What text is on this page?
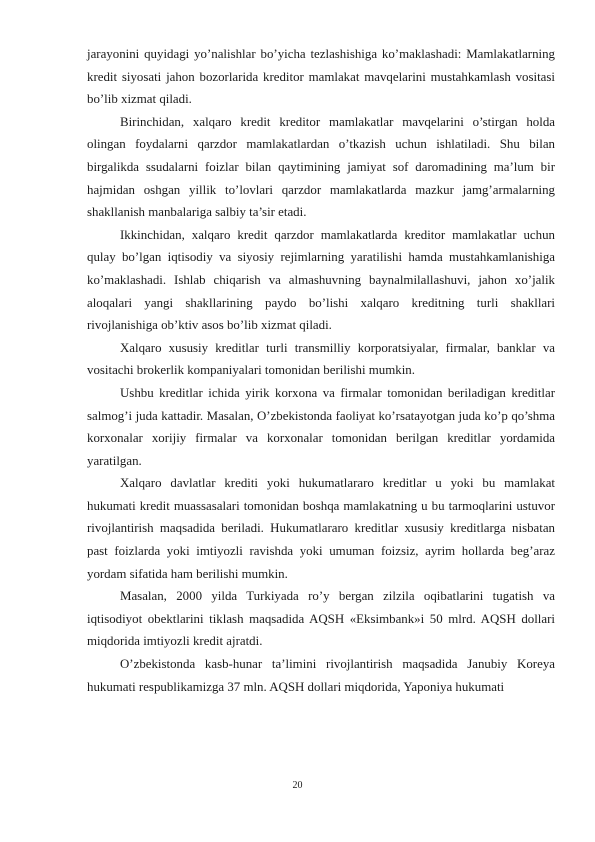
jarayonini quyidagi yo’nalishlar bo’yicha tezlashishiga ko’maklashadi: Mamlakatlarning kredit siyosati jahon bozorlarida kreditor mamlakat mavqelarini mustahkamlash vositasi bo’lib xizmat qiladi.

Birinchidan, xalqaro kredit kreditor mamlakatlar mavqelarini o’stirgan holda olingan foydalarni qarzdor mamlakatlardan o’tkazish uchun ishlatiladi. Shu bilan birgalikda ssudalarni foizlar bilan qaytimining jamiyat sof daromadining ma’lum bir hajmidan oshgan yillik to’lovlari qarzdor mamlakatlarda mazkur jamg’armalarning shakllanish manbalariga salbiy ta’sir etadi.

Ikkinchidan, xalqaro kredit qarzdor mamlakatlarda kreditor mamlakatlar uchun qulay bo’lgan iqtisodiy va siyosiy rejimlarning yaratilishi hamda mustahkamlanishiga ko’maklashadi. Ishlab chiqarish va almashuvning baynalmilallashuvi, jahon xo’jalik aloqalari yangi shakllarining paydo bo’lishi xalqaro kreditning turli shakllari rivojlanishiga ob’ktiv asos bo’lib xizmat qiladi.

Xalqaro xususiy kreditlar turli transmilliy korporatsiyalar, firmalar, banklar va vositachi brokerlik kompaniyalari tomonidan berilishi mumkin.

Ushbu kreditlar ichida yirik korxona va firmalar tomonidan beriladigan kreditlar salmog’i juda kattadir. Masalan, O’zbekistonda faoliyat ko’rsatayotgan juda ko’p qo’shma korxonalar xorijiy firmalar va korxonalar tomonidan berilgan kreditlar yordamida yaratilgan.

Xalqaro davlatlar krediti yoki hukumatlararo kreditlar u yoki bu mamlakat hukumati kredit muassasalari tomonidan boshqa mamlakatning u bu tarmoqlarini ustuvor rivojlantirish maqsadida beriladi. Hukumatlararo kreditlar xususiy kreditlarga nisbatan past foizlarda yoki imtiyozli ravishda yoki umuman foizsiz, ayrim hollarda beg’araz yordam sifatida ham berilishi mumkin.

Masalan, 2000 yilda Turkiyada ro’y bergan zilzila oqibatlarini tugatish va iqtisodiyot obektlarini tiklash maqsadida AQSH «Eksimbank»i 50 mlrd. AQSH dollari miqdorida imtiyozli kredit ajratdi.

O’zbekistonda kasb-hunar ta’limini rivojlantirish maqsadida Janubiy Koreya hukumati respublikamizga 37 mln. AQSH dollari miqdorida, Yaponiya hukumati

20
